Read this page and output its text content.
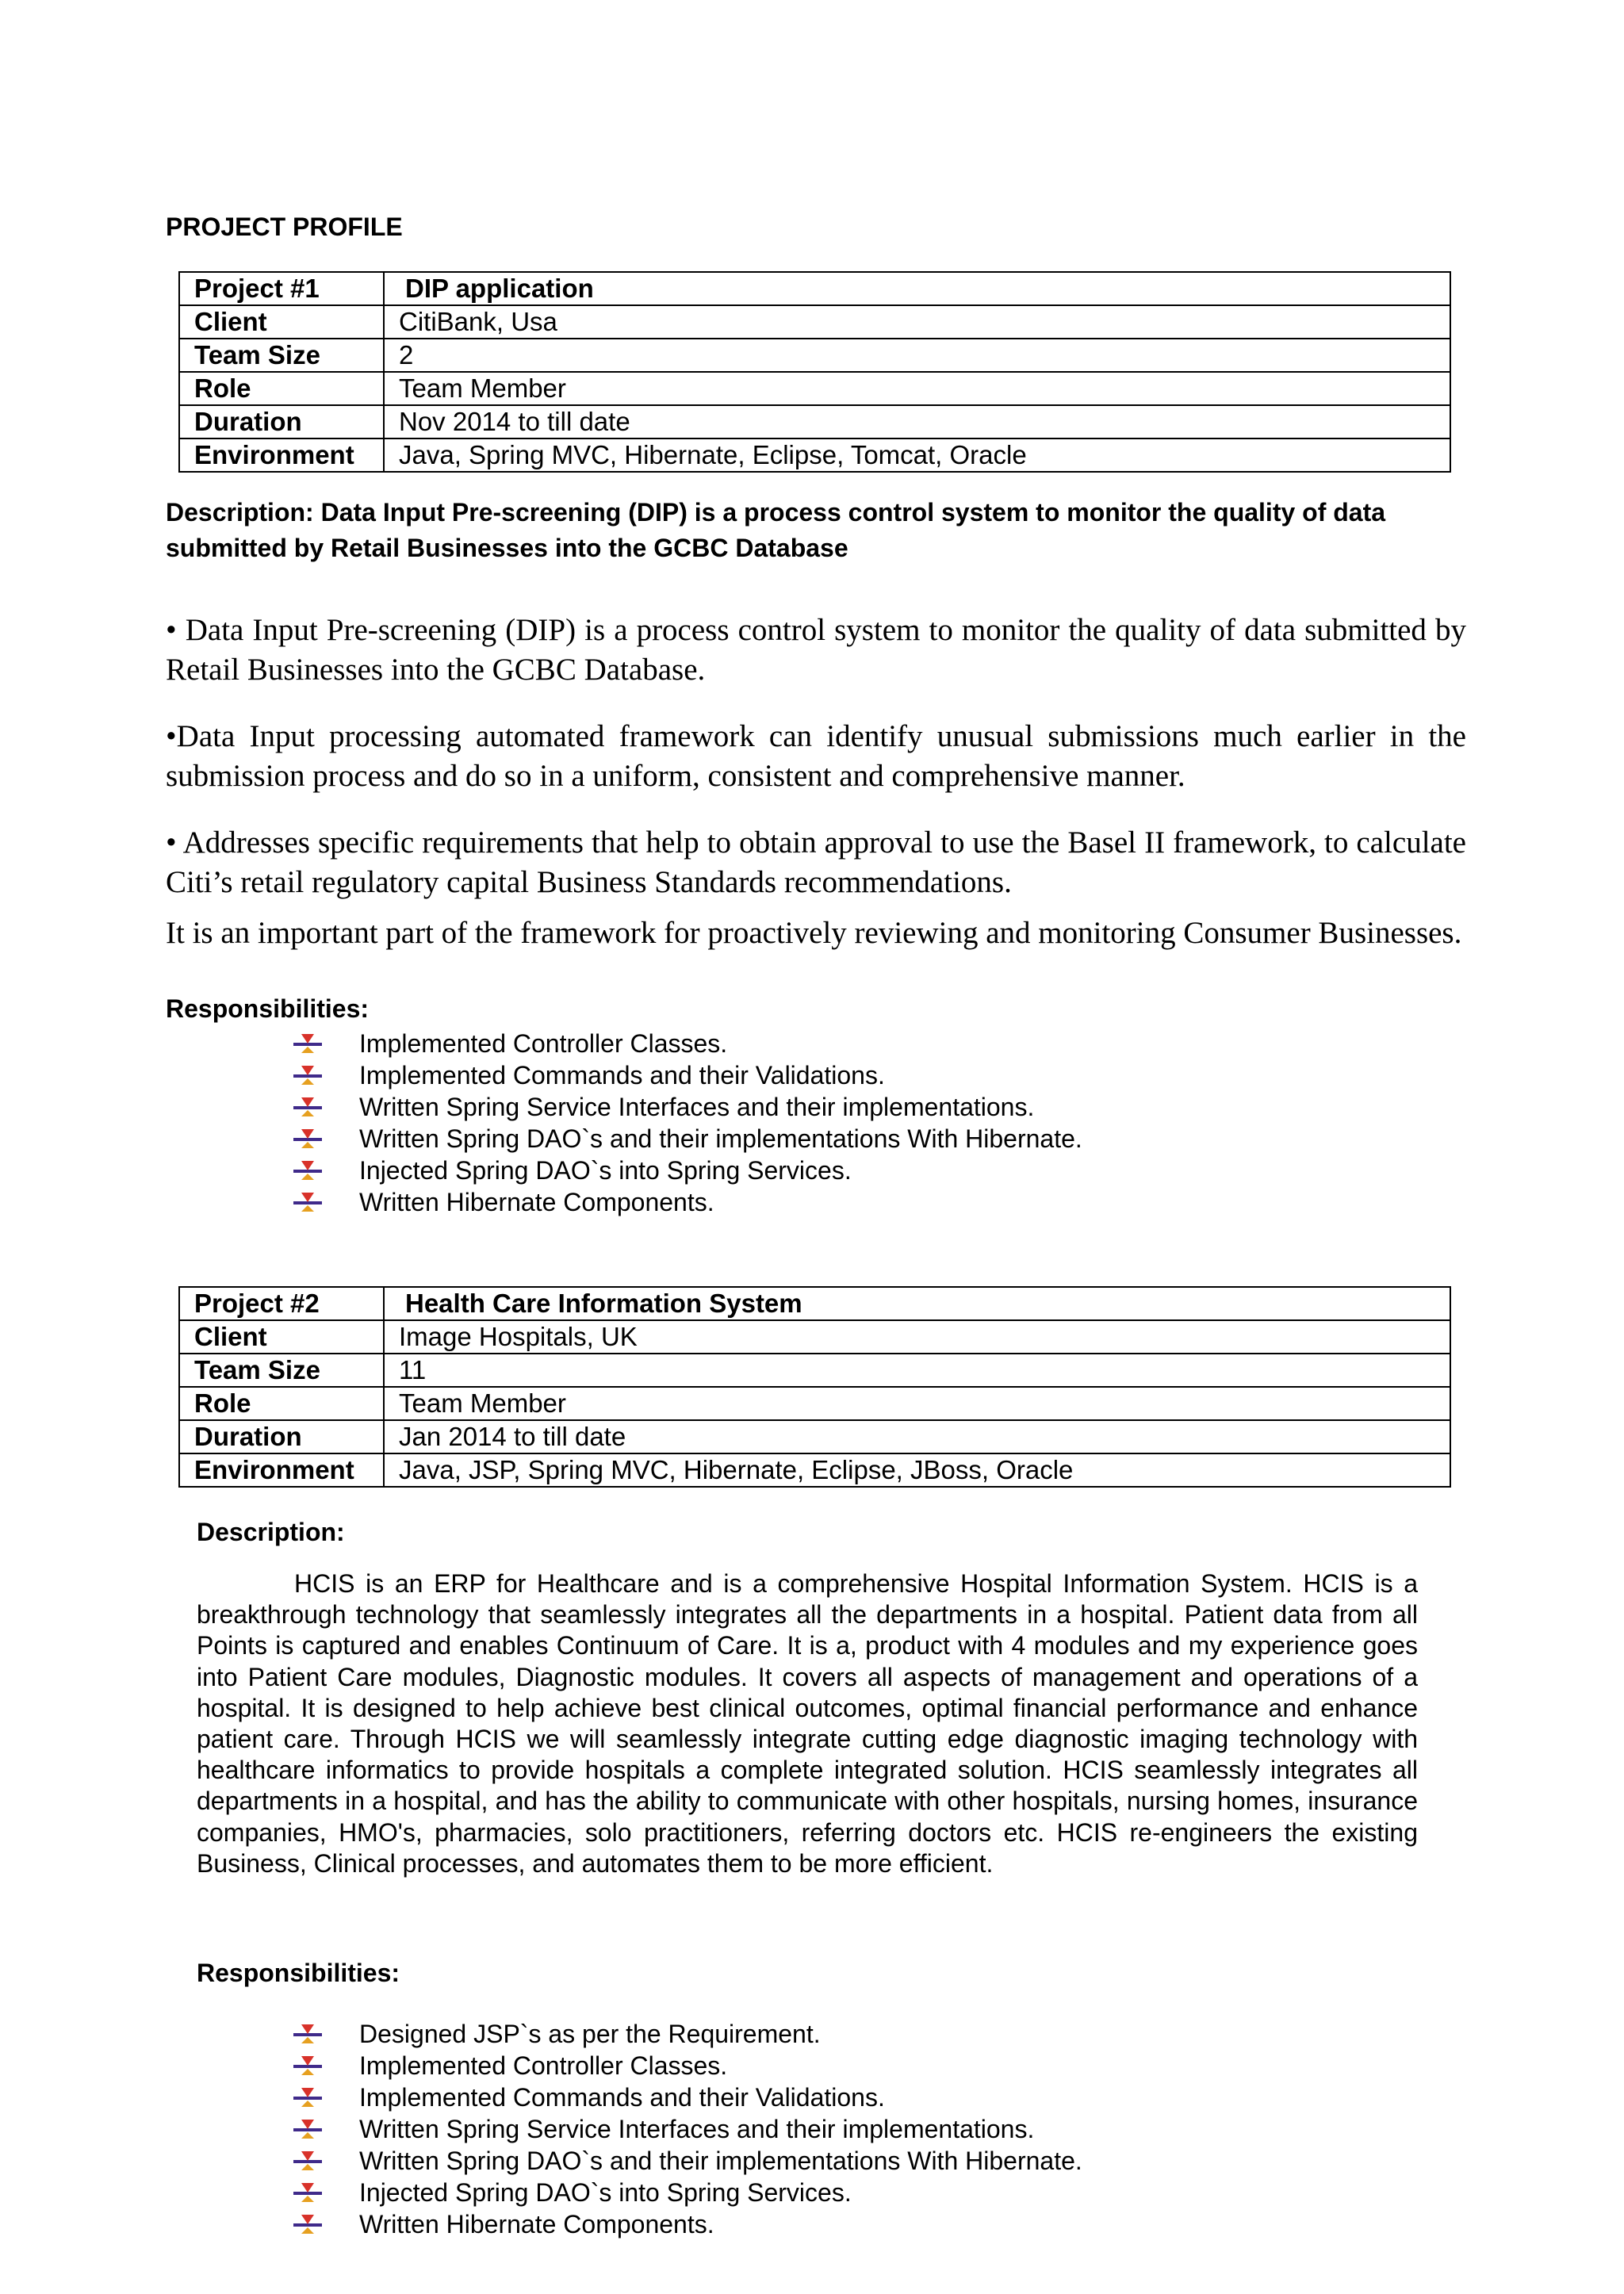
PROJECT PROFILE
Project #1	DIP application
Client	CitiBank, Usa
Team Size	2
Role	Team Member
Duration	Nov 2014 to till date
Environment	Java, Spring MVC, Hibernate, Eclipse, Tomcat, Oracle
Description: Data Input Pre-screening (DIP) is a process control system to monitor the quality of data submitted by Retail Businesses into the GCBC Database
• Data Input Pre-screening (DIP) is a process control system to monitor the quality of data submitted by Retail Businesses into the GCBC Database.
•Data Input processing automated framework can identify unusual submissions much earlier in the submission process and do so in a uniform, consistent and comprehensive manner.
• Addresses specific requirements that help to obtain approval to use the Basel II framework, to calculate Citi’s retail regulatory capital Business Standards recommendations.
It is an important part of the framework for proactively reviewing and monitoring Consumer Businesses.
Responsibilities:
Implemented Controller Classes.
Implemented Commands and their Validations.
Written Spring Service Interfaces and their implementations.
Written Spring DAO`s and their implementations With Hibernate.
Injected Spring DAO`s into Spring Services.
Written Hibernate Components.
Project #2	Health Care Information System
Client	Image Hospitals, UK
Team Size	11
Role	Team Member
Duration	Jan 2014 to till date
Environment	Java, JSP, Spring MVC, Hibernate, Eclipse, JBoss, Oracle
Description:
HCIS is an ERP for Healthcare and is a comprehensive Hospital Information System. HCIS is a breakthrough technology that seamlessly integrates all the departments in a hospital. Patient data from all Points is captured and enables Continuum of Care. It is a, product with 4 modules and my experience goes into Patient Care modules, Diagnostic modules. It covers all aspects of management and operations of a hospital. It is designed to help achieve best clinical outcomes, optimal financial performance and enhance patient care. Through HCIS we will seamlessly integrate cutting edge diagnostic imaging technology with healthcare informatics to provide hospitals a complete integrated solution. HCIS seamlessly integrates all departments in a hospital, and has the ability to communicate with other hospitals, nursing homes, insurance companies, HMO's, pharmacies, solo practitioners, referring doctors etc. HCIS re-engineers the existing Business, Clinical processes, and automates them to be more efficient.
Responsibilities:
Designed JSP`s as per the Requirement.
Implemented Controller Classes.
Implemented Commands and their Validations.
Written Spring Service Interfaces and their implementations.
Written Spring DAO`s and their implementations With Hibernate.
Injected Spring DAO`s into Spring Services.
Written Hibernate Components.
